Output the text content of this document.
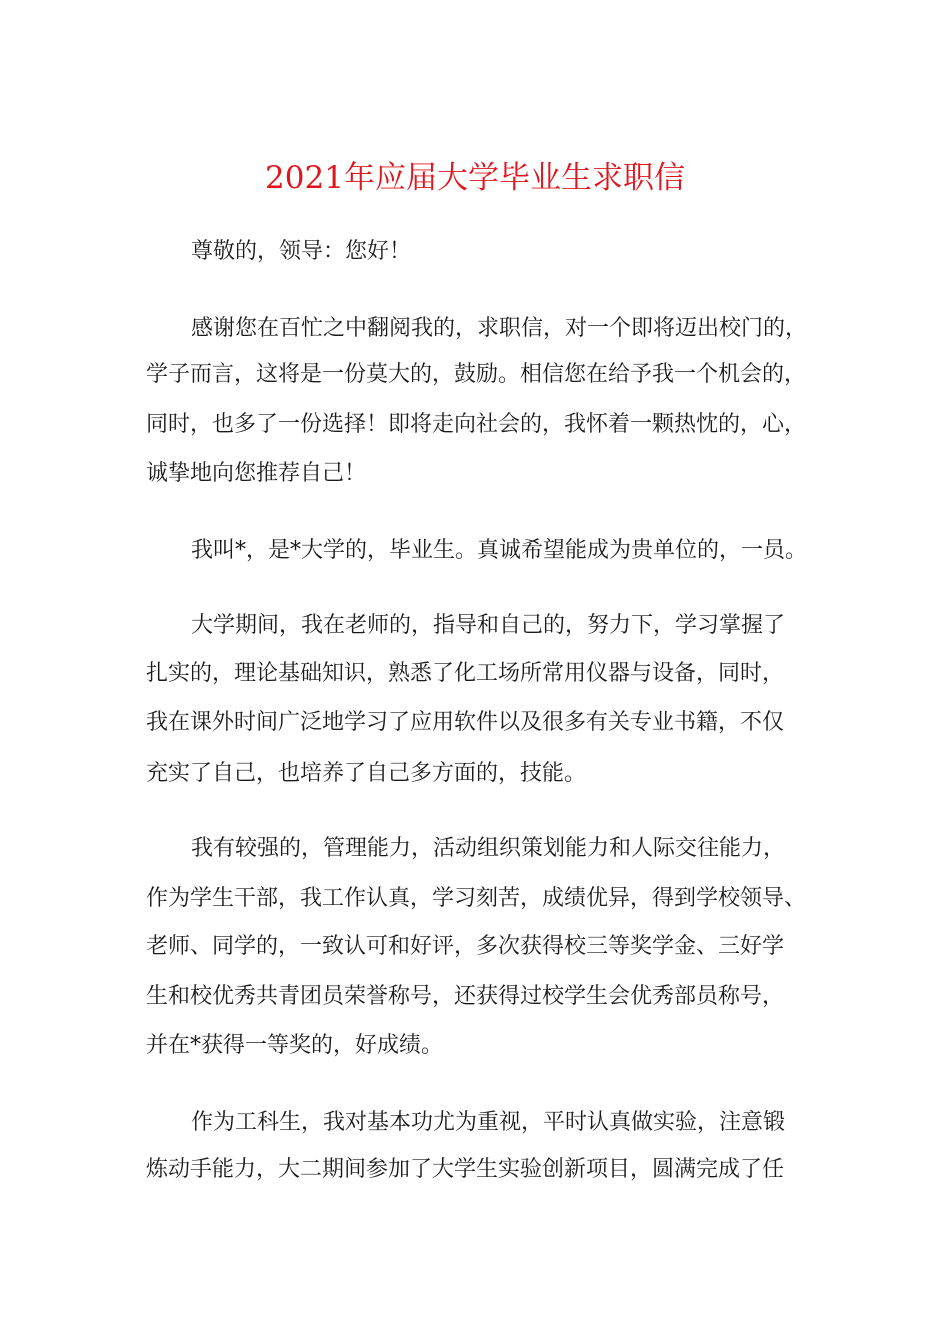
2021年应届大学毕业生求职信

尊敬的，领导：您好！

感谢您在百忙之中翻阅我的，求职信，对一个即将迈出校门的，

学子而言，这将是一份莫大的，鼓励。相信您在给予我一个机会的，

同时，也多了一份选择！即将走向社会的，我怀着一颗热忱的，心，

诚挚地向您推荐自己！

我叫*，是*大学的，毕业生。真诚希望能成为贵单位的，一员。

大学期间，我在老师的，指导和自己的，努力下，学习掌握了

扎实的，理论基础知识，熟悉了化工场所常用仪器与设备，同时，

我在课外时间广泛地学习了应用软件以及很多有关专业书籍，不仅

充实了自己，也培养了自己多方面的，技能。

我有较强的，管理能力，活动组织策划能力和人际交往能力，

作为学生干部，我工作认真，学习刻苦，成绩优异，得到学校领导、

老师、同学的，一致认可和好评，多次获得校三等奖学金、三好学

生和校优秀共青团员荣誉称号，还获得过校学生会优秀部员称号，

并在*获得一等奖的，好成绩。

作为工科生，我对基本功尤为重视，平时认真做实验，注意锻

炼动手能力，大二期间参加了大学生实验创新项目，圆满完成了任
